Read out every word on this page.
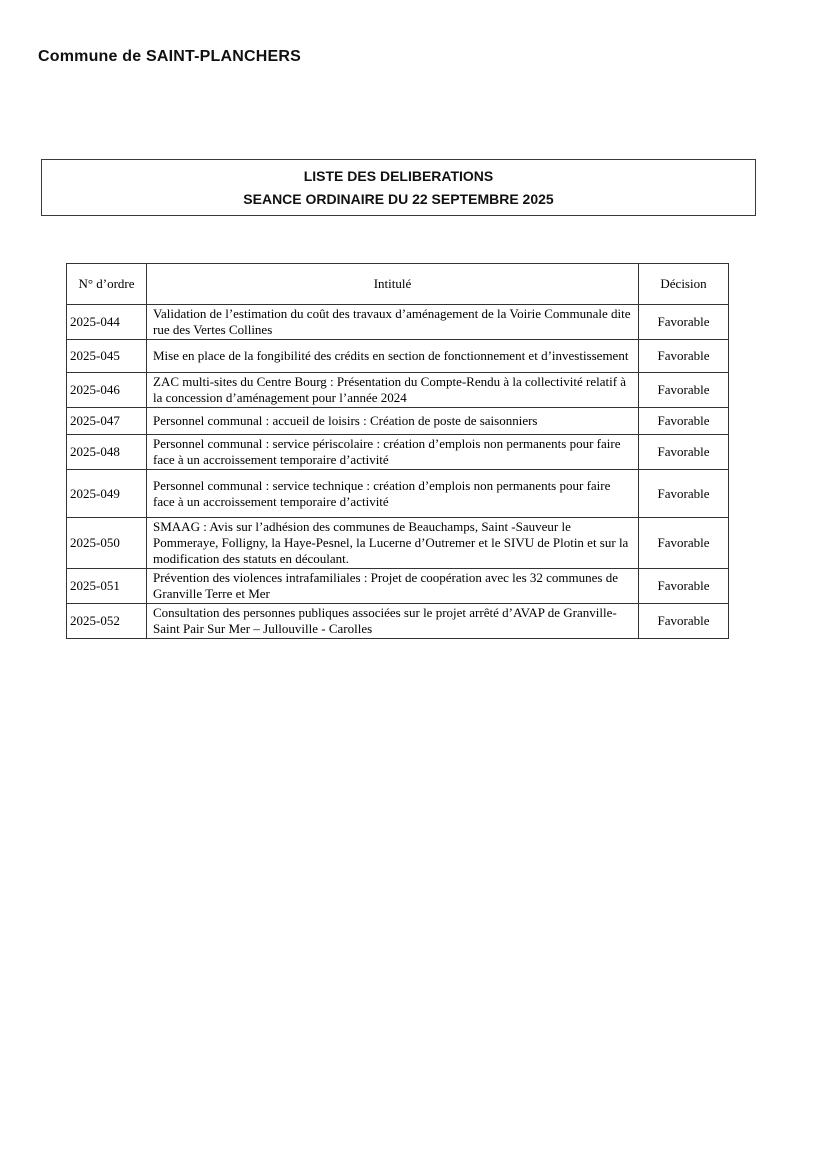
Commune de SAINT-PLANCHERS
LISTE DES DELIBERATIONS
SEANCE ORDINAIRE DU 22 SEPTEMBRE 2025
N° d’ordre	Intitulé	Décision
2025-044	Validation de l’estimation du coût des travaux d’aménagement de la Voirie Communale dite rue des Vertes Collines	Favorable
2025-045	Mise en place de la fongibilité des crédits en section de fonctionnement et d’investissement	Favorable
2025-046	ZAC multi-sites du Centre Bourg : Présentation du Compte-Rendu à la collectivité relatif à la concession d’aménagement pour l’année 2024	Favorable
2025-047	Personnel communal : accueil de loisirs : Création de poste de saisonniers	Favorable
2025-048	Personnel communal : service périscolaire : création d’emplois non permanents pour faire face à un accroissement temporaire d’activité	Favorable
2025-049	Personnel communal : service technique : création d’emplois non permanents pour faire face à un accroissement temporaire d’activité	Favorable
2025-050	SMAAG : Avis sur l’adhésion des communes de Beauchamps, Saint -Sauveur le Pommeraye, Folligny, la Haye-Pesnel, la Lucerne d’Outremer et le SIVU de Plotin et sur la modification des statuts en découlant.	Favorable
2025-051	Prévention des violences intrafamiliales : Projet de coopération avec les 32 communes de Granville Terre et Mer	Favorable
2025-052	Consultation des personnes publiques associées sur le projet arrêté d’AVAP de Granville-Saint Pair Sur Mer – Jullouville - Carolles	Favorable
